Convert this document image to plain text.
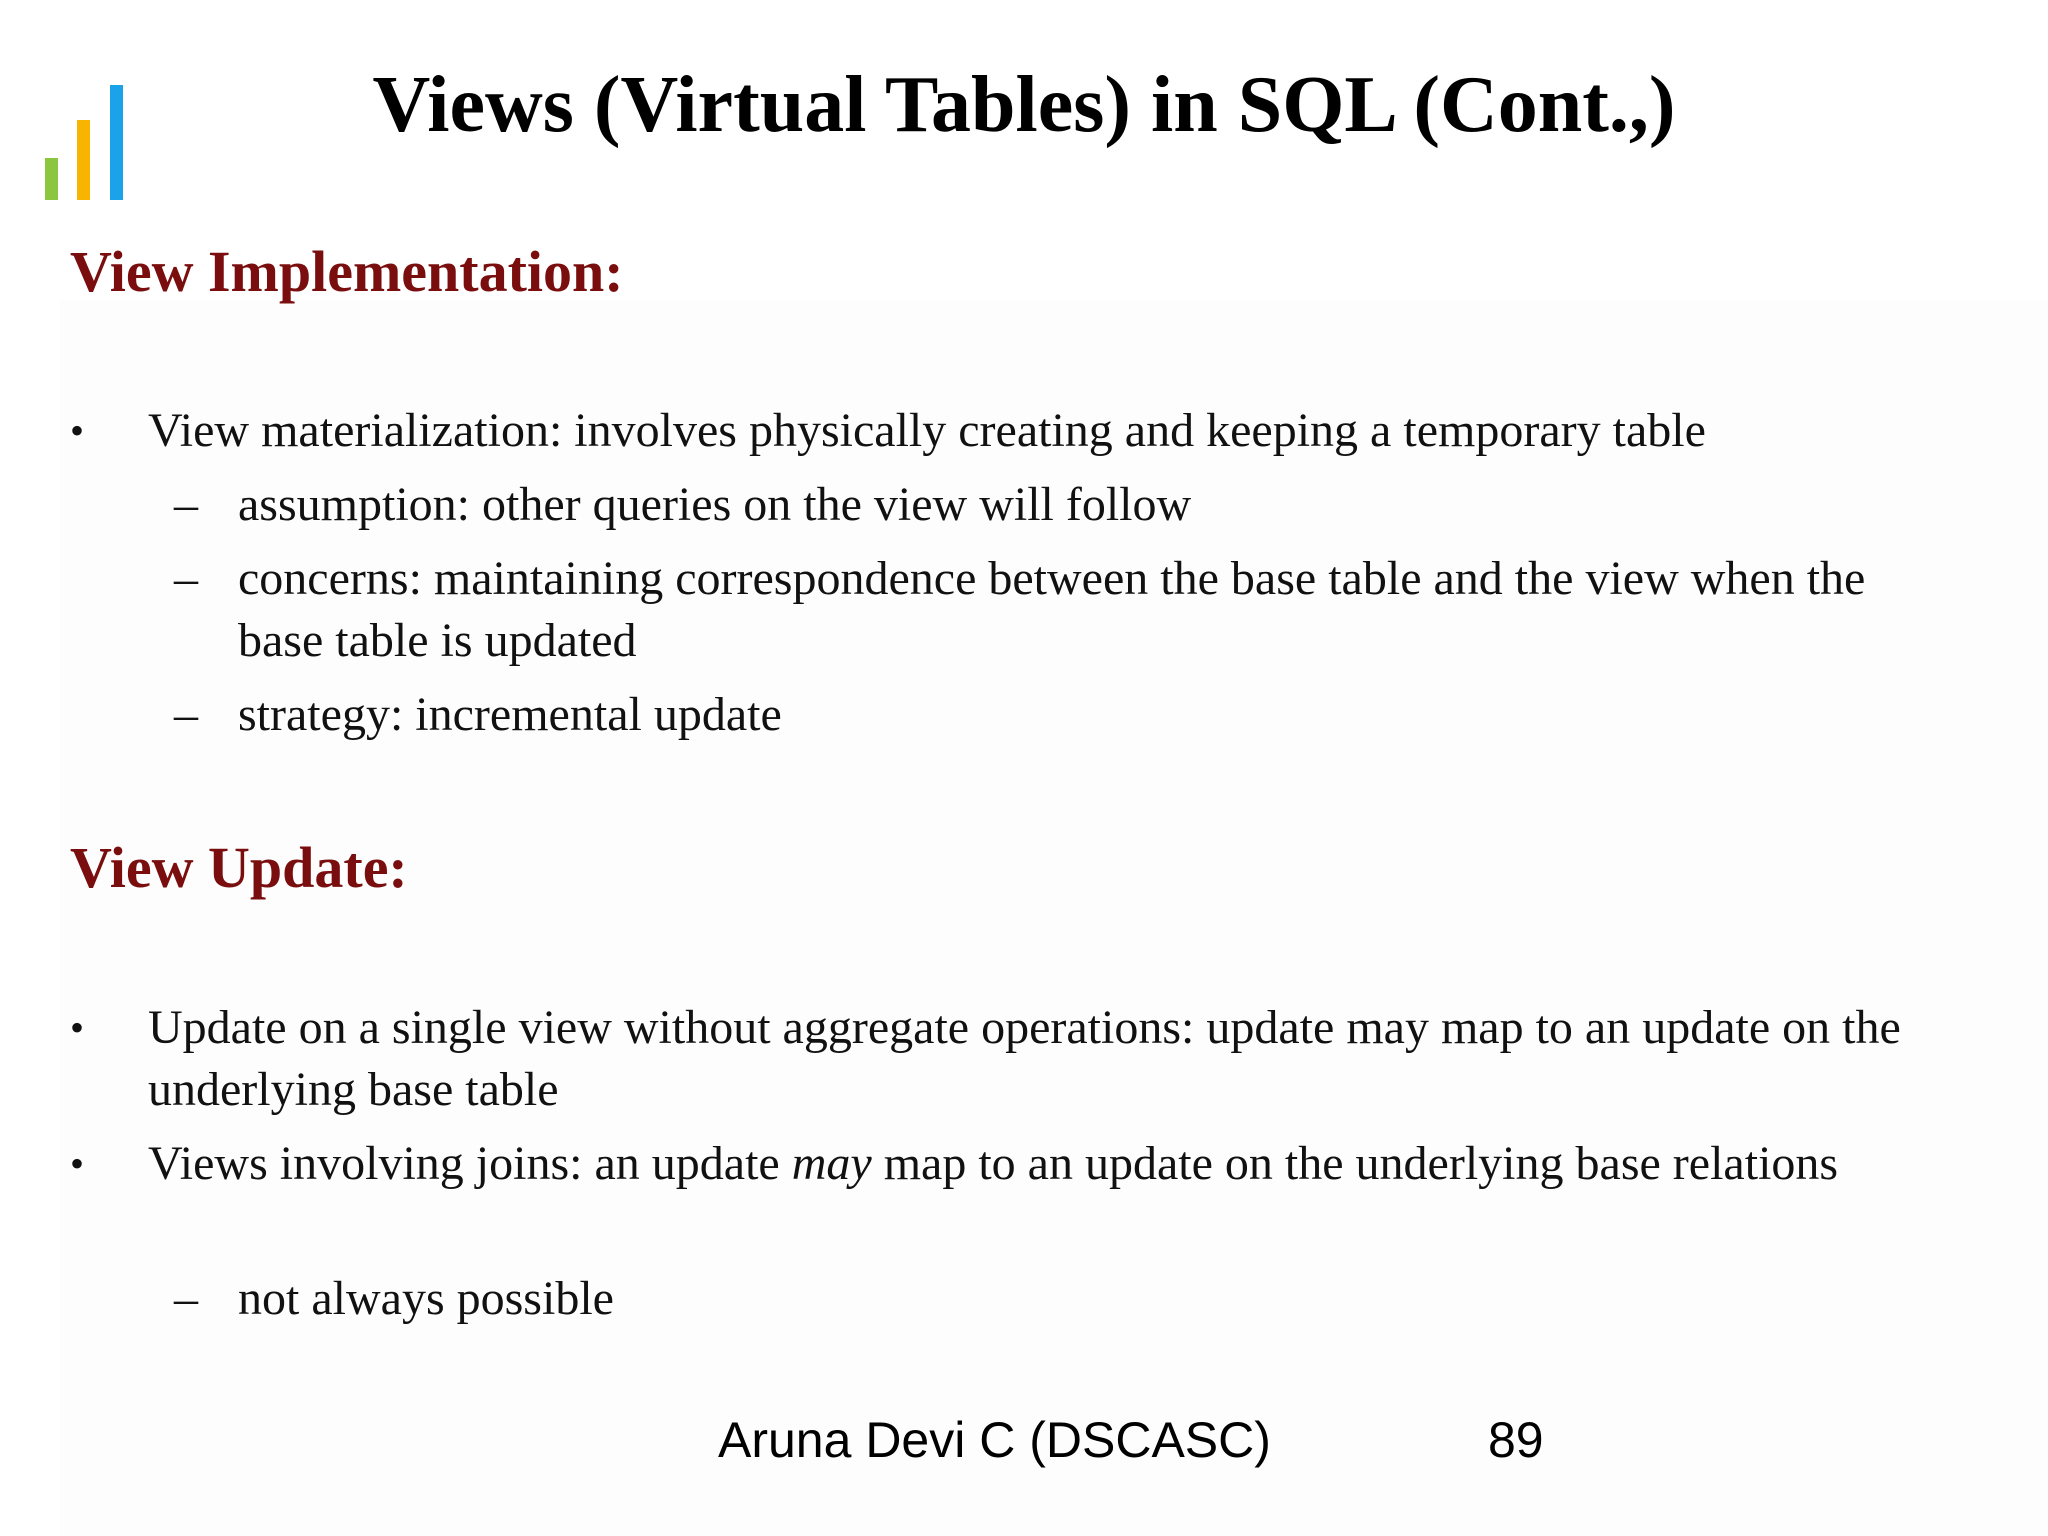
Views (Virtual Tables) in SQL (Cont.,)
View Implementation:
• View materialization: involves physically creating and keeping a temporary table
– assumption: other queries on the view will follow
– concerns: maintaining correspondence between the base table and the view when the base table is updated
– strategy: incremental update
View Update:
• Update on a single view without aggregate operations: update may map to an update on the underlying base table
• Views involving joins: an update may map to an update on the underlying base relations
– not always possible
Aruna Devi C (DSCASC)	89
